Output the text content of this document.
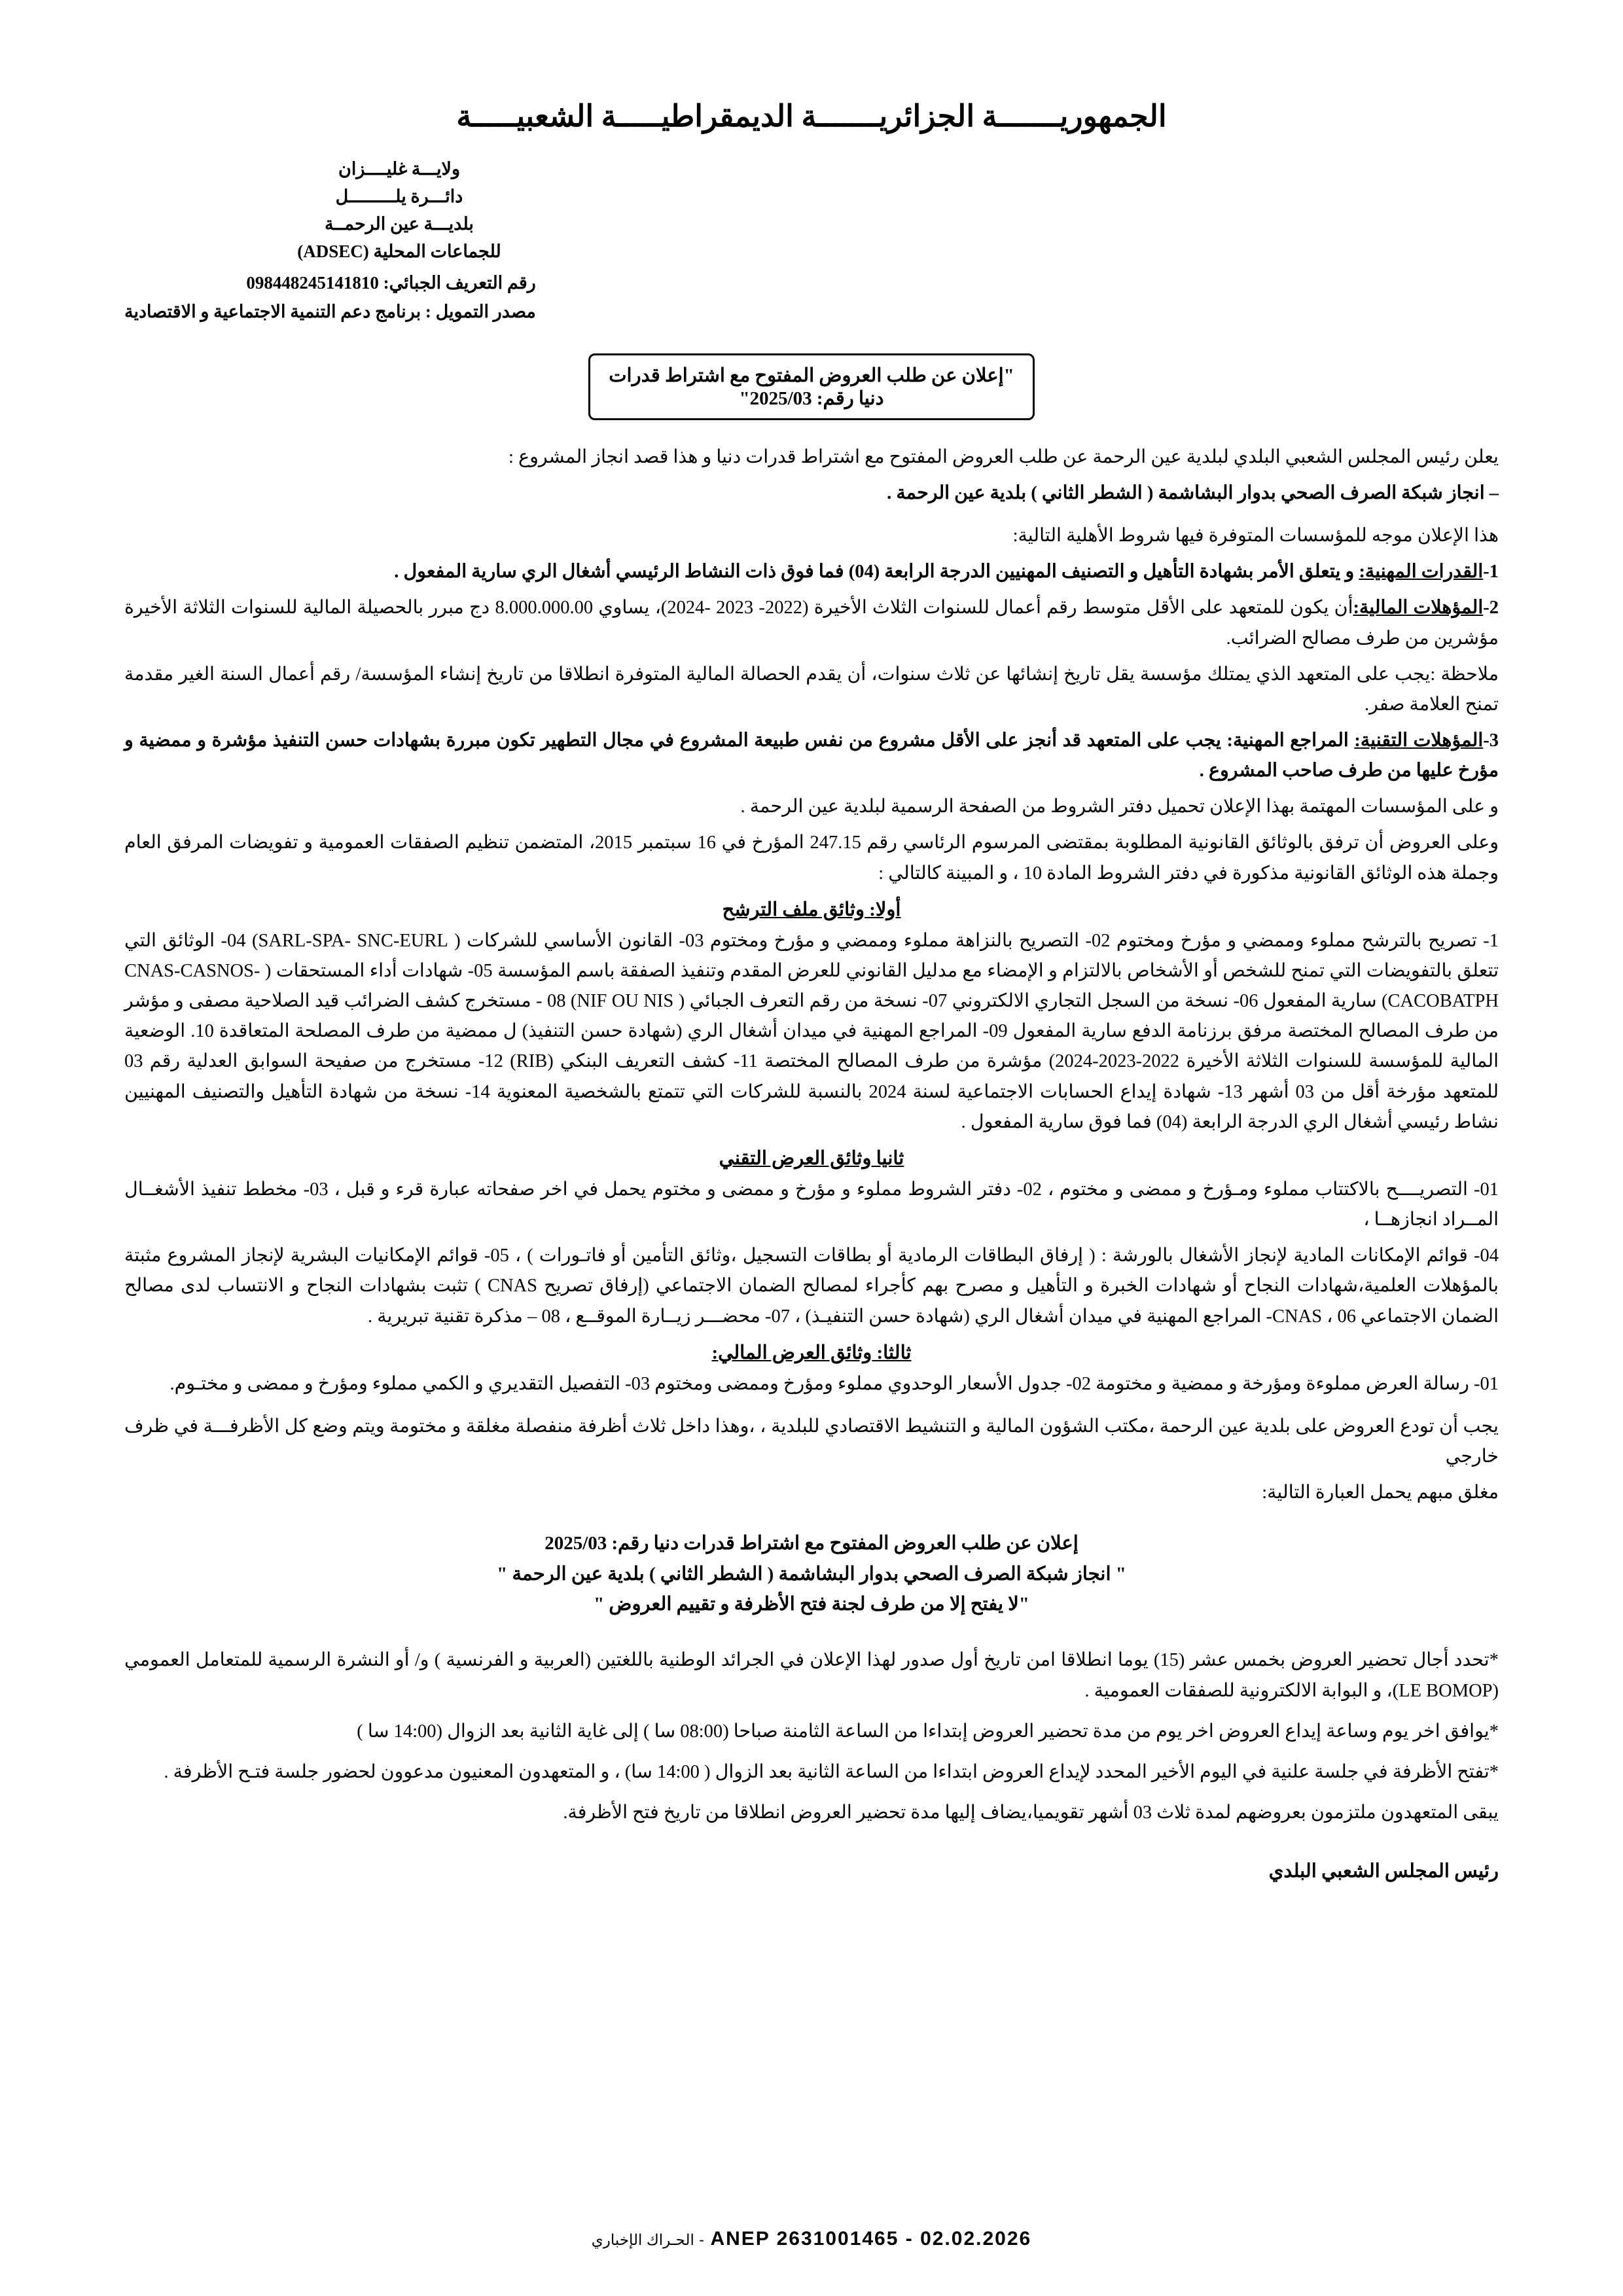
الجمهوريـــــــة الجزائريـــــــة الديمقراطيـــــة الشعبيـــــة
ولايـــة غليــــزان
دائـــرة يلـــــــــل
بلديـــة عين الرحمــة
للجماعات المحلية (ADSEC)
رقم التعريف الجبائي: 098448245141810
مصدر التمويل : برنامج دعم التنمية الاجتماعية و الاقتصادية
"إعلان عن طلب العروض المفتوح مع اشتراط قدرات دنيا رقم: 2025/03"

يعلن رئيس المجلس الشعبي البلدي لبلدية عين الرحمة عن طلب العروض المفتوح مع اشتراط قدرات دنيا و هذا قصد انجاز المشروع :

– انجاز شبكة الصرف الصحي بدوار البشاشمة ( الشطر الثاني ) بلدية عين الرحمة .

هذا الإعلان موجه للمؤسسات المتوفرة فيها شروط الأهلية التالية:

1-القدرات المهنية: و يتعلق الأمر بشهادة التأهيل و التصنيف المهنيين الدرجة الرابعة (04) فما فوق ذات النشاط الرئيسي أشغال الري سارية المفعول .

2-المؤهلات المالية:أن يكون للمتعهد على الأقل متوسط رقم أعمال للسنوات الثلاث الأخيرة (2022- 2023 -2024)، يساوي 8.000.000.00 دج مبرر بالحصيلة المالية للسنوات الثلاثة الأخيرة مؤشرين من طرف مصالح الضرائب.

ملاحظة :يجب على المتعهد الذي يمتلك مؤسسة يقل تاريخ إنشائها عن ثلاث سنوات، أن يقدم الحصالة المالية المتوفرة انطلاقا من تاريخ إنشاء المؤسسة/ رقم أعمال السنة الغير مقدمة تمنح العلامة صفر.

3-المؤهلات التقنية: المراجع المهنية: يجب على المتعهد قد أنجز على الأقل مشروع من نفس طبيعة المشروع في مجال التطهير تكون مبررة بشهادات حسن التنفيذ مؤشرة و ممضية و مؤرخ عليها من طرف صاحب المشروع .

و على المؤسسات المهتمة بهذا الإعلان تحميل دفتر الشروط من الصفحة الرسمية لبلدية عين الرحمة .

وعلى العروض أن ترفق بالوثائق القانونية المطلوبة بمقتضى المرسوم الرئاسي رقم 247.15 المؤرخ في 16 سبتمبر 2015، المتضمن تنظيم الصفقات العمومية و تفويضات المرفق العام وجملة هذه الوثائق القانونية مذكورة في دفتر الشروط المادة 10 ، و المبينة كالتالي :

أولا: وثائق ملف الترشح

1- تصريح بالترشح مملوء وممضي و مؤرخ ومختوم 02- التصريح بالنزاهة مملوء وممضي و مؤرخ ومختوم 03- القانون الأساسي للشركات ( SARL-SPA- SNC-EURL) 04- الوثائق التي تتعلق بالتفويضات التي تمنح للشخص أو الأشخاص بالالتزام و الإمضاء مع مدليل القانوني للعرض المقدم وتنفيذ الصفقة باسم المؤسسة 05- شهادات أداء المستحقات ( CNAS-CASNOS-CACOBATPH) سارية المفعول 06- نسخة من السجل التجاري الالكتروني 07- نسخة من رقم التعرف الجبائي ( NIF OU NIS) 08 - مستخرج كشف الضرائب قيد الصلاحية مصفى و مؤشر من طرف المصالح المختصة مرفق برزنامة الدفع سارية المفعول 09- المراجع المهنية في ميدان أشغال الري (شهادة حسن التنفيذ) ل ممضية من طرف المصلحة المتعاقدة 10. الوضعية المالية للمؤسسة للسنوات الثلاثة الأخيرة 2022-2023-2024) مؤشرة من طرف المصالح المختصة 11- كشف التعريف البنكي (RIB) 12- مستخرج من صفيحة السوابق العدلية رقم 03 للمتعهد مؤرخة أقل من 03 أشهر 13- شهادة إيداع الحسابات الاجتماعية لسنة 2024 بالنسبة للشركات التي تتمتع بالشخصية المعنوية 14- نسخة من شهادة التأهيل والتصنيف المهنيين نشاط رئيسي أشغال الري الدرجة الرابعة (04) فما فوق سارية المفعول .

ثانيا وثائق العرض التقني

01- التصريــــح بالاكتتاب مملوء ومـؤرخ و ممضى و مختوم ، 02- دفتر الشروط مملوء و مؤرخ و ممضى و مختوم يحمل في اخر صفحاته عبارة قرء و قبل ، 03- مخطط تنفيذ الأشغــال المــراد انجازهــا ،

04- قوائم الإمكانات المادية لإنجاز الأشغال بالورشة : ( إرفاق البطاقات الرمادية أو بطاقات التسجيل ،وثائق التأمين أو فاتـورات ) ، 05- قوائم الإمكانيات البشرية لإنجاز المشروع مثبتة بالمؤهلات العلمية،شهادات النجاح أو شهادات الخبرة و التأهيل و مصرح بهم كأجراء لمصالح الضمان الاجتماعي (إرفاق تصريح CNAS ) تثبت بشهادات النجاح و الانتساب لدى مصالح الضمان الاجتماعي CNAS ، 06- المراجع المهنية في ميدان أشغال الري (شهادة حسن التنفيـذ) ، 07- محضـــر زيــارة الموقــع ، 08 – مذكرة تقنية تبريرية .

ثالثا: وثائق العرض المالي:

01- رسالة العرض مملوءة ومؤرخة و ممضية و مختومة 02- جدول الأسعار الوحدوي مملوء ومؤرخ وممضى ومختوم 03- التفصيل التقديري و الكمي مملوء ومؤرخ و ممضى و مختـوم.

يجب أن تودع العروض على بلدية عين الرحمة ،مكتب الشؤون المالية و التنشيط الاقتصادي للبلدية ، ،وهذا داخل ثلاث أظرفة منفصلة مغلقة و مختومة ويتم وضع كل الأظرفـــة في ظرف خارجي

مغلق مبهم يحمل العبارة التالية:

إعلان عن طلب العروض المفتوح مع اشتراط قدرات دنيا رقم: 2025/03
" انجاز شبكة الصرف الصحي بدوار البشاشمة ( الشطر الثاني ) بلدية عين الرحمة "
"لا يفتح إلا من طرف لجنة فتح الأظرفة و تقييم العروض "

*تحدد أجال تحضير العروض بخمس عشر (15) يوما انطلاقا امن تاريخ أول صدور لهذا الإعلان في الجرائد الوطنية باللغتين (العربية و الفرنسية ) و/ أو النشرة الرسمية للمتعامل العمومي (LE BOMOP)، و البوابة الالكترونية للصفقات العمومية .

*يوافق اخر يوم وساعة إيداع العروض اخر يوم من مدة تحضير العروض إبتداءا من الساعة الثامنة صباحا (08:00 سا ) إلى غاية الثانية بعد الزوال (14:00 سا )

*تفتح الأظرفة في جلسة علنية في اليوم الأخير المحدد لإيداع العروض ابتداءا من الساعة الثانية بعد الزوال ( 14:00 سا) ، و المتعهدون المعنيون مدعوون لحضور جلسة فتـح الأظرفة .

يبقى المتعهدون ملتزمون بعروضهم لمدة ثلاث 03 أشهر تقويميا،يضاف إليها مدة تحضير العروض انطلاقا من تاريخ فتح الأظرفة.

رئيس المجلس الشعبي البلدي
ANEP 2631001465 - 02.02.2026 - الحـراك الإخباري
